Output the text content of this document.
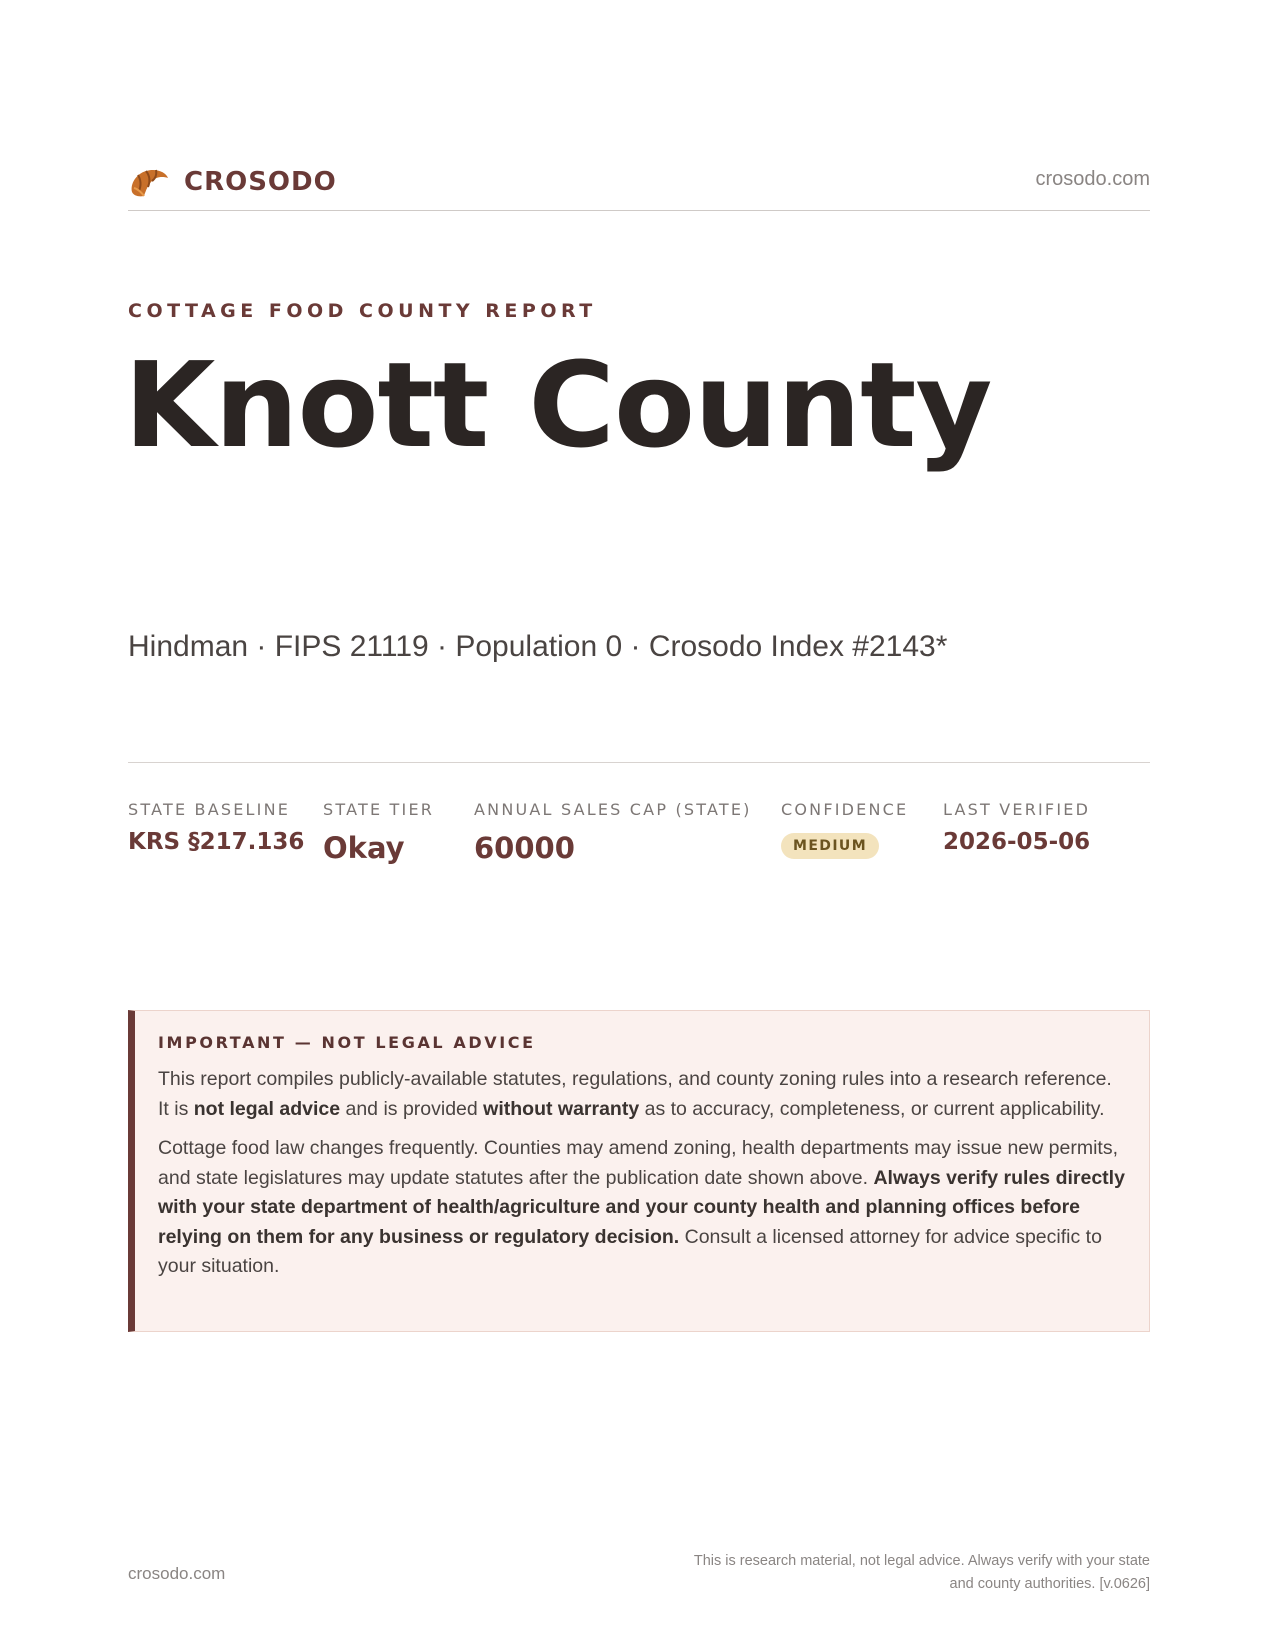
CROSODO	crosodo.com
COTTAGE FOOD COUNTY REPORT
Knott County
Hindman · FIPS 21119 · Population 0 · Crosodo Index #2143*
STATE BASELINE
KRS §217.136
STATE TIER
Okay
ANNUAL SALES CAP (STATE)
60000
CONFIDENCE
MEDIUM
LAST VERIFIED
2026-05-06
IMPORTANT — NOT LEGAL ADVICE

This report compiles publicly-available statutes, regulations, and county zoning rules into a research reference. It is not legal advice and is provided without warranty as to accuracy, completeness, or current applicability.

Cottage food law changes frequently. Counties may amend zoning, health departments may issue new permits, and state legislatures may update statutes after the publication date shown above. Always verify rules directly with your state department of health/agriculture and your county health and planning offices before relying on them for any business or regulatory decision. Consult a licensed attorney for advice specific to your situation.

crosodo.com
This is research material, not legal advice. Always verify with your state
and county authorities. [v.0626]
